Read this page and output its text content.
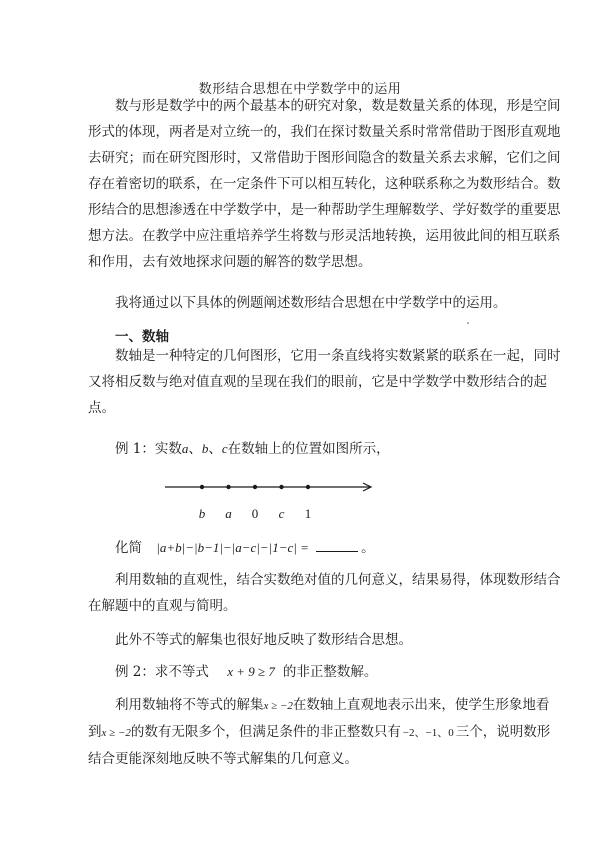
数形结合思想在中学数学中的运用
数与形是数学中的两个最基本的研究对象，数是数量关系的体现，形是空间
形式的体现，两者是对立统一的，我们在探讨数量关系时常常借助于图形直观地
去研究；而在研究图形时，又常借助于图形间隐含的数量关系去求解，它们之间
存在着密切的联系，在一定条件下可以相互转化，这种联系称之为数形结合。数
形结合的思想渗透在中学数学中，是一种帮助学生理解数学、学好数学的重要思
想方法。在教学中应注重培养学生将数与形灵活地转换，运用彼此间的相互联系
和作用，去有效地探求问题的解答的数学思想。
我将通过以下具体的例题阐述数形结合思想在中学数学中的运用。
一、数轴
数轴是一种特定的几何图形，它用一条直线将实数紧紧的联系在一起，同时
又将相反数与绝对值直观的呈现在我们的眼前，它是中学数学中数形结合的起
点。
例 1：实数a、b、c在数轴上的位置如图所示，
b a 0 c 1
化简 |a+b|−|b−1|−|a−c|−|1−c| =	。
利用数轴的直观性，结合实数绝对值的几何意义，结果易得，体现数形结合
在解题中的直观与简明。
此外不等式的解集也很好地反映了数形结合思想。
例 2：求不等式 x + 9 ≥ 7 的非正整数解。
利用数轴将不等式的解集x ≥ −2在数轴上直观地表示出来，使学生形象地看
到x ≥ −2的数有无限多个，但满足条件的非正整数只有 −2、−1、0 三个，说明数形
结合更能深刻地反映不等式解集的几何意义。
